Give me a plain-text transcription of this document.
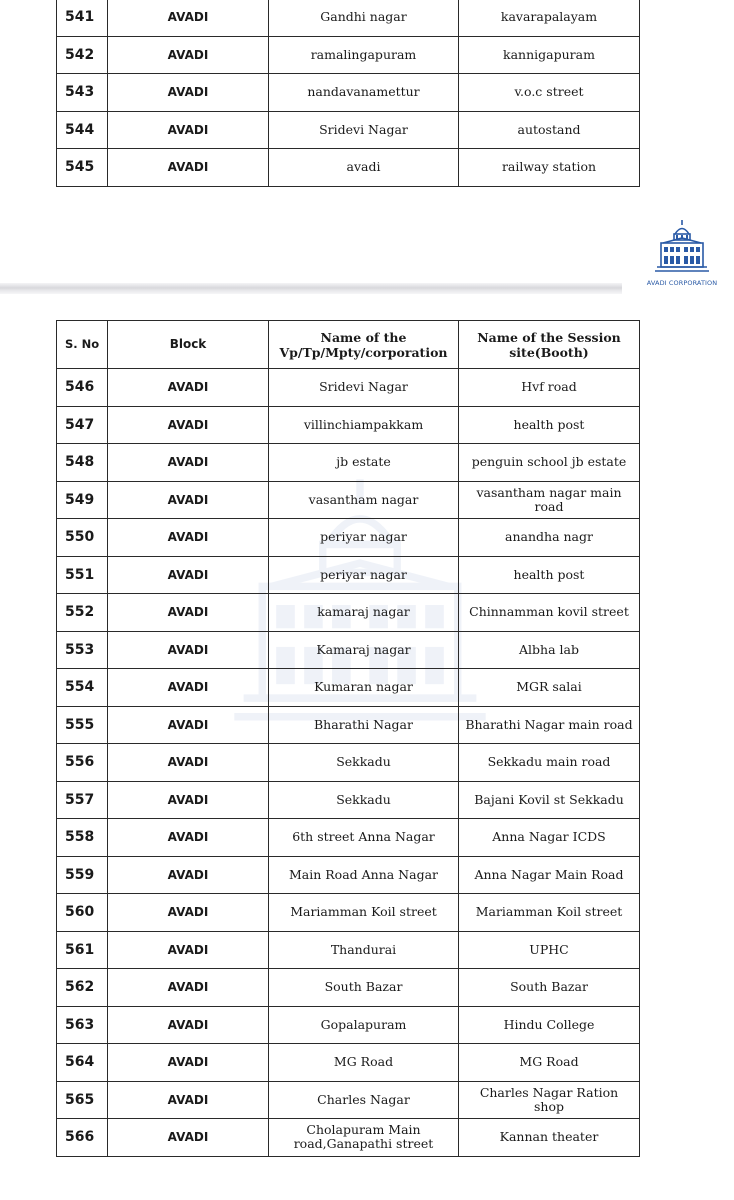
541	AVADI	Gandhi nagar	kavarapalayam
542	AVADI	ramalingapuram	kannigapuram
543	AVADI	nandavanamettur	v.o.c street
544	AVADI	Sridevi Nagar	autostand
545	AVADI	avadi	railway station
AVADI CORPORATION
S. No	Block	Name of the Vp/Tp/Mpty/corporation	Name of the Session site(Booth)
546	AVADI	Sridevi Nagar	Hvf road
547	AVADI	villinchiampakkam	health post
548	AVADI	jb estate	penguin school jb estate
549	AVADI	vasantham nagar	vasantham nagar main road
550	AVADI	periyar nagar	anandha nagr
551	AVADI	periyar nagar	health post
552	AVADI	kamaraj nagar	Chinnamman kovil street
553	AVADI	Kamaraj nagar	Albha lab
554	AVADI	Kumaran nagar	MGR salai
555	AVADI	Bharathi Nagar	Bharathi Nagar main road
556	AVADI	Sekkadu	Sekkadu main road
557	AVADI	Sekkadu	Bajani Kovil st Sekkadu
558	AVADI	6th street Anna Nagar	Anna Nagar ICDS
559	AVADI	Main Road Anna Nagar	Anna Nagar Main Road
560	AVADI	Mariamman Koil street	Mariamman Koil street
561	AVADI	Thandurai	UPHC
562	AVADI	South Bazar	South Bazar
563	AVADI	Gopalapuram	Hindu College
564	AVADI	MG Road	MG Road
565	AVADI	Charles Nagar	Charles Nagar Ration shop
566	AVADI	Cholapuram Main road,Ganapathi street	Kannan theater
